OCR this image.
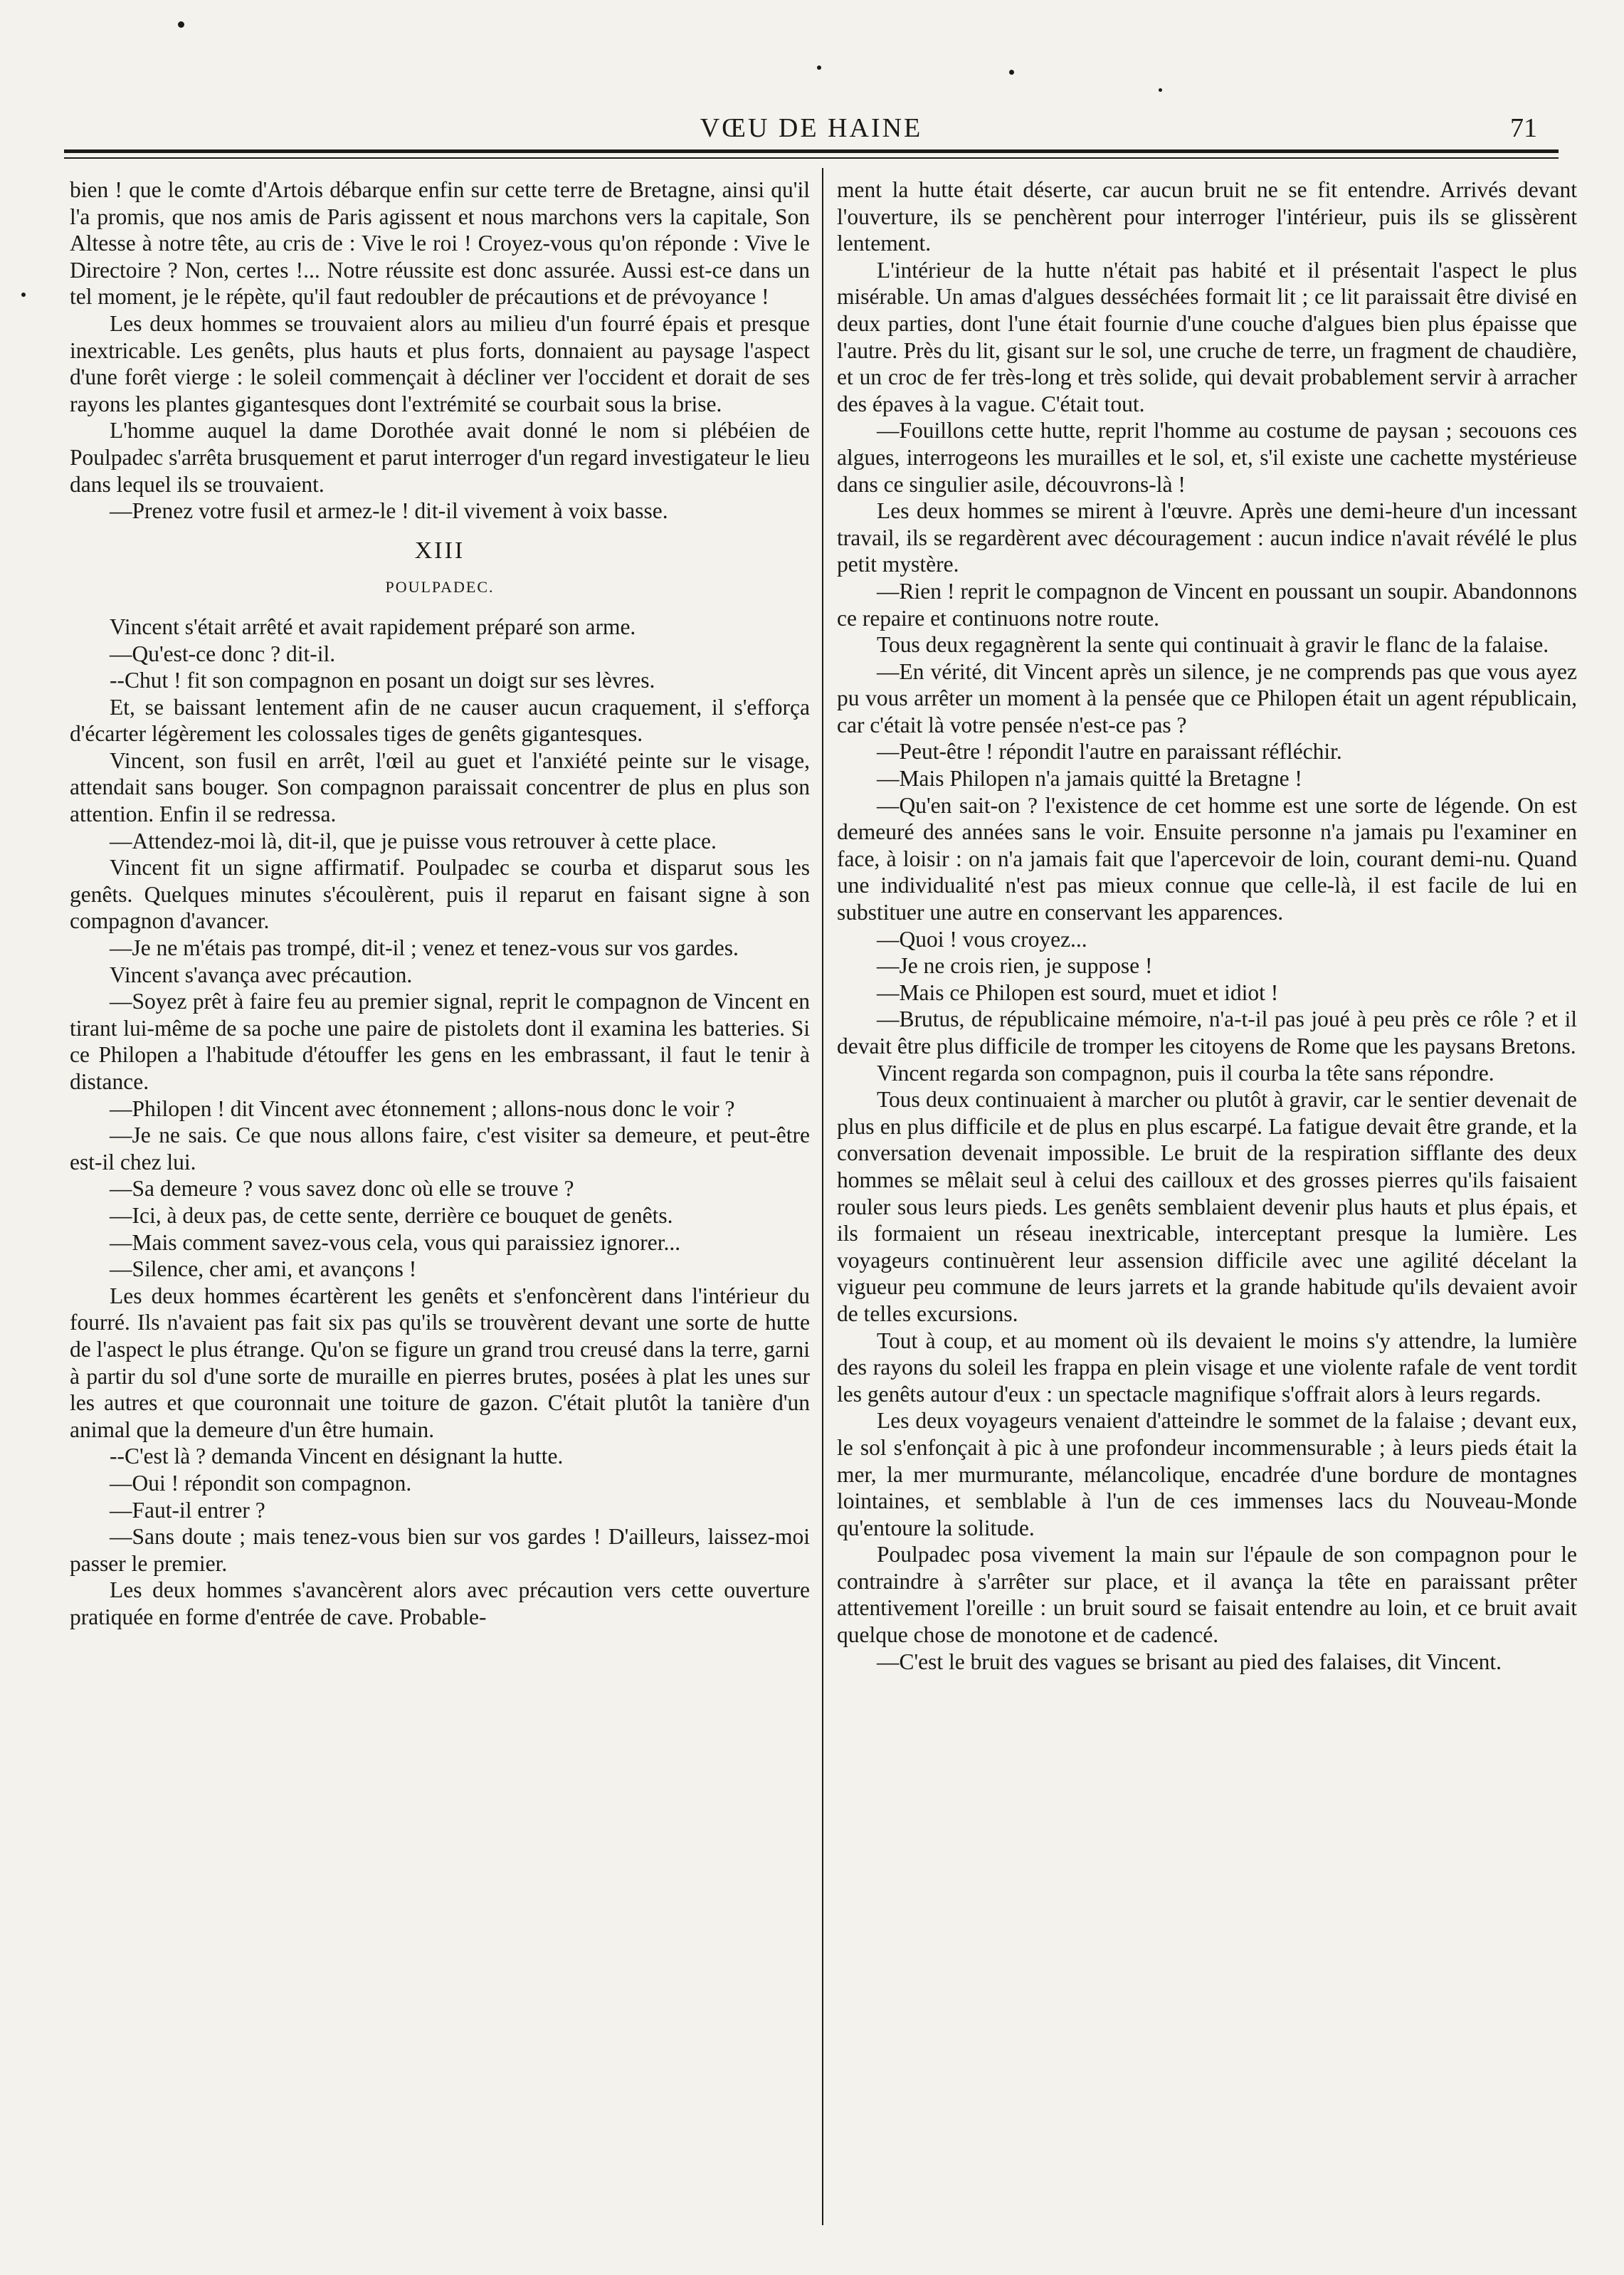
VŒU DE HAINE	71

bien ! que le comte d'Artois débarque enfin sur cette terre de Bretagne, ainsi qu'il l'a promis, que nos amis de Paris agissent et nous marchons vers la capitale, Son Altesse à notre tête, au cris de : Vive le roi ! Croyez-vous qu'on réponde : Vive le Directoire ? Non, certes !... Notre réussite est donc assurée. Aussi est-ce dans un tel moment, je le répète, qu'il faut redoubler de précautions et de prévoyance !

Les deux hommes se trouvaient alors au milieu d'un fourré épais et presque inextricable. Les genêts, plus hauts et plus forts, donnaient au paysage l'aspect d'une forêt vierge : le soleil commençait à décliner ver l'occident et dorait de ses rayons les plantes gigantesques dont l'extrémité se courbait sous la brise.

L'homme auquel la dame Dorothée avait donné le nom si plébéien de Poulpadec s'arrêta brusquement et parut interroger d'un regard investigateur le lieu dans lequel ils se trouvaient.

—Prenez votre fusil et armez-le ! dit-il vivement à voix basse.

XIII
POULPADEC.

Vincent s'était arrêté et avait rapidement préparé son arme.

—Qu'est-ce donc ? dit-il.

--Chut ! fit son compagnon en posant un doigt sur ses lèvres.

Et, se baissant lentement afin de ne causer aucun craquement, il s'efforça d'écarter légèrement les colossales tiges de genêts gigantesques.

Vincent, son fusil en arrêt, l'œil au guet et l'anxiété peinte sur le visage, attendait sans bouger. Son compagnon paraissait concentrer de plus en plus son attention. Enfin il se redressa.

—Attendez-moi là, dit-il, que je puisse vous retrouver à cette place.

Vincent fit un signe affirmatif. Poulpadec se courba et disparut sous les genêts. Quelques minutes s'écoulèrent, puis il reparut en faisant signe à son compagnon d'avancer.

—Je ne m'étais pas trompé, dit-il ; venez et tenez-vous sur vos gardes.

Vincent s'avança avec précaution.

—Soyez prêt à faire feu au premier signal, reprit le compagnon de Vincent en tirant lui-même de sa poche une paire de pistolets dont il examina les batteries. Si ce Philopen a l'habitude d'étouffer les gens en les embrassant, il faut le tenir à distance.

—Philopen ! dit Vincent avec étonnement ; allons-nous donc le voir ?

—Je ne sais. Ce que nous allons faire, c'est visiter sa demeure, et peut-être est-il chez lui.

—Sa demeure ? vous savez donc où elle se trouve ?

—Ici, à deux pas, de cette sente, derrière ce bouquet de genêts.

—Mais comment savez-vous cela, vous qui paraissiez ignorer...

—Silence, cher ami, et avançons !

Les deux hommes écartèrent les genêts et s'enfoncèrent dans l'intérieur du fourré. Ils n'avaient pas fait six pas qu'ils se trouvèrent devant une sorte de hutte de l'aspect le plus étrange. Qu'on se figure un grand trou creusé dans la terre, garni à partir du sol d'une sorte de muraille en pierres brutes, posées à plat les unes sur les autres et que couronnait une toiture de gazon. C'était plutôt la tanière d'un animal que la demeure d'un être humain.

--C'est là ? demanda Vincent en désignant la hutte.

—Oui ! répondit son compagnon.

—Faut-il entrer ?

—Sans doute ; mais tenez-vous bien sur vos gardes ! D'ailleurs, laissez-moi passer le premier.

Les deux hommes s'avancèrent alors avec précaution vers cette ouverture pratiquée en forme d'entrée de cave. Probable-

ment la hutte était déserte, car aucun bruit ne se fit entendre. Arrivés devant l'ouverture, ils se penchèrent pour interroger l'intérieur, puis ils se glissèrent lentement.

L'intérieur de la hutte n'était pas habité et il présentait l'aspect le plus misérable. Un amas d'algues desséchées formait lit ; ce lit paraissait être divisé en deux parties, dont l'une était fournie d'une couche d'algues bien plus épaisse que l'autre. Près du lit, gisant sur le sol, une cruche de terre, un fragment de chaudière, et un croc de fer très-long et très solide, qui devait probablement servir à arracher des épaves à la vague. C'était tout.

—Fouillons cette hutte, reprit l'homme au costume de paysan ; secouons ces algues, interrogeons les murailles et le sol, et, s'il existe une cachette mystérieuse dans ce singulier asile, découvrons-là !

Les deux hommes se mirent à l'œuvre. Après une demi-heure d'un incessant travail, ils se regardèrent avec découragement : aucun indice n'avait révélé le plus petit mystère.

—Rien ! reprit le compagnon de Vincent en poussant un soupir. Abandonnons ce repaire et continuons notre route.

Tous deux regagnèrent la sente qui continuait à gravir le flanc de la falaise.

—En vérité, dit Vincent après un silence, je ne comprends pas que vous ayez pu vous arrêter un moment à la pensée que ce Philopen était un agent républicain, car c'était là votre pensée n'est-ce pas ?

—Peut-être ! répondit l'autre en paraissant réfléchir.

—Mais Philopen n'a jamais quitté la Bretagne !

—Qu'en sait-on ? l'existence de cet homme est une sorte de légende. On est demeuré des années sans le voir. Ensuite personne n'a jamais pu l'examiner en face, à loisir : on n'a jamais fait que l'apercevoir de loin, courant demi-nu. Quand une individualité n'est pas mieux connue que celle-là, il est facile de lui en substituer une autre en conservant les apparences.

—Quoi ! vous croyez...

—Je ne crois rien, je suppose !

—Mais ce Philopen est sourd, muet et idiot !

—Brutus, de républicaine mémoire, n'a-t-il pas joué à peu près ce rôle ? et il devait être plus difficile de tromper les citoyens de Rome que les paysans Bretons.

Vincent regarda son compagnon, puis il courba la tête sans répondre.

Tous deux continuaient à marcher ou plutôt à gravir, car le sentier devenait de plus en plus difficile et de plus en plus escarpé. La fatigue devait être grande, et la conversation devenait impossible. Le bruit de la respiration sifflante des deux hommes se mêlait seul à celui des cailloux et des grosses pierres qu'ils faisaient rouler sous leurs pieds. Les genêts semblaient devenir plus hauts et plus épais, et ils formaient un réseau inextricable, interceptant presque la lumière. Les voyageurs continuèrent leur assension difficile avec une agilité décelant la vigueur peu commune de leurs jarrets et la grande habitude qu'ils devaient avoir de telles excursions.

Tout à coup, et au moment où ils devaient le moins s'y attendre, la lumière des rayons du soleil les frappa en plein visage et une violente rafale de vent tordit les genêts autour d'eux : un spectacle magnifique s'offrait alors à leurs regards.

Les deux voyageurs venaient d'atteindre le sommet de la falaise ; devant eux, le sol s'enfonçait à pic à une profondeur incommensurable ; à leurs pieds était la mer, la mer murmurante, mélancolique, encadrée d'une bordure de montagnes lointaines, et semblable à l'un de ces immenses lacs du Nouveau-Monde qu'entoure la solitude.

Poulpadec posa vivement la main sur l'épaule de son compagnon pour le contraindre à s'arrêter sur place, et il avança la tête en paraissant prêter attentivement l'oreille : un bruit sourd se faisait entendre au loin, et ce bruit avait quelque chose de monotone et de cadencé.

—C'est le bruit des vagues se brisant au pied des falaises, dit Vincent.
